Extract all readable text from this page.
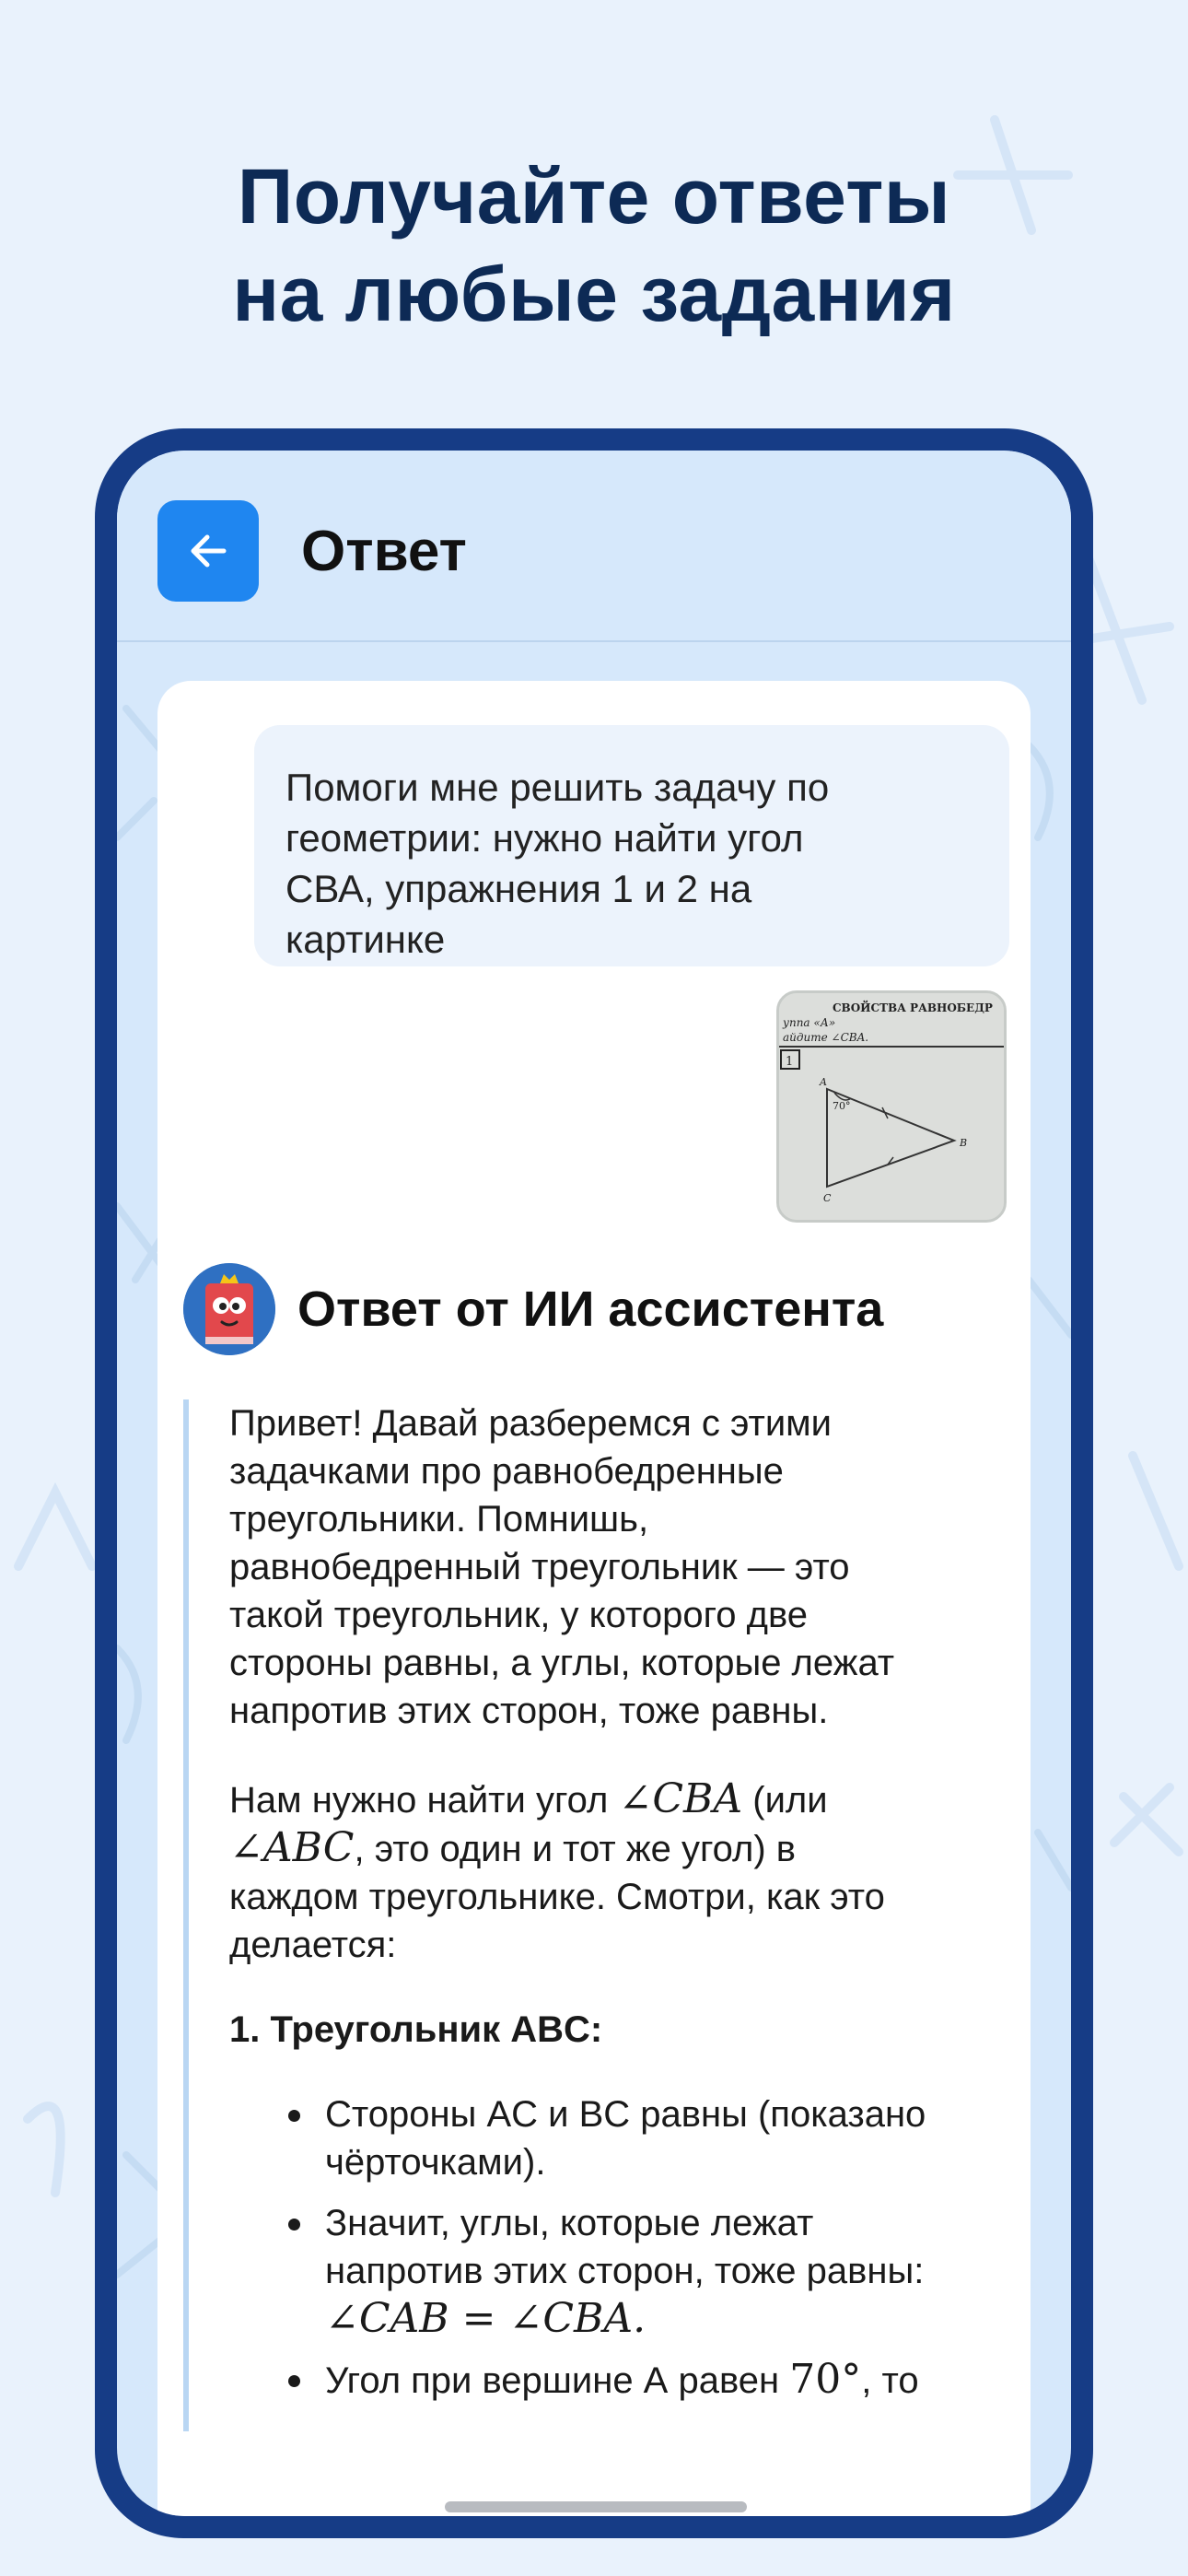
Получайте ответы
на любые задания
Ответ
Помоги мне решить задачу по
геометрии: нужно найти угол
СВА, упражнения 1 и 2 на
картинке
СВОЙСТВА РАВНОБЕДР
уппа «А»
айдите ∠CBA.
1
A
B
C
70°
Ответ от ИИ ассистента
Привет! Давай разберемся с этими
задачками про равнобедренные
треугольники. Помнишь,
равнобедренный треугольник — это
такой треугольник, у которого две
стороны равны, а углы, которые лежат
напротив этих сторон, тоже равны.
Нам нужно найти угол ∠CBA (или
∠ABC, это один и тот же угол) в
каждом треугольнике. Смотри, как это
делается:
1. Треугольник ABC:
Стороны AC и BC равны (показано
чёрточками).
Значит, углы, которые лежат
напротив этих сторон, тоже равны:
∠CAB = ∠CBA.
Угол при вершине А равен 70°, то
